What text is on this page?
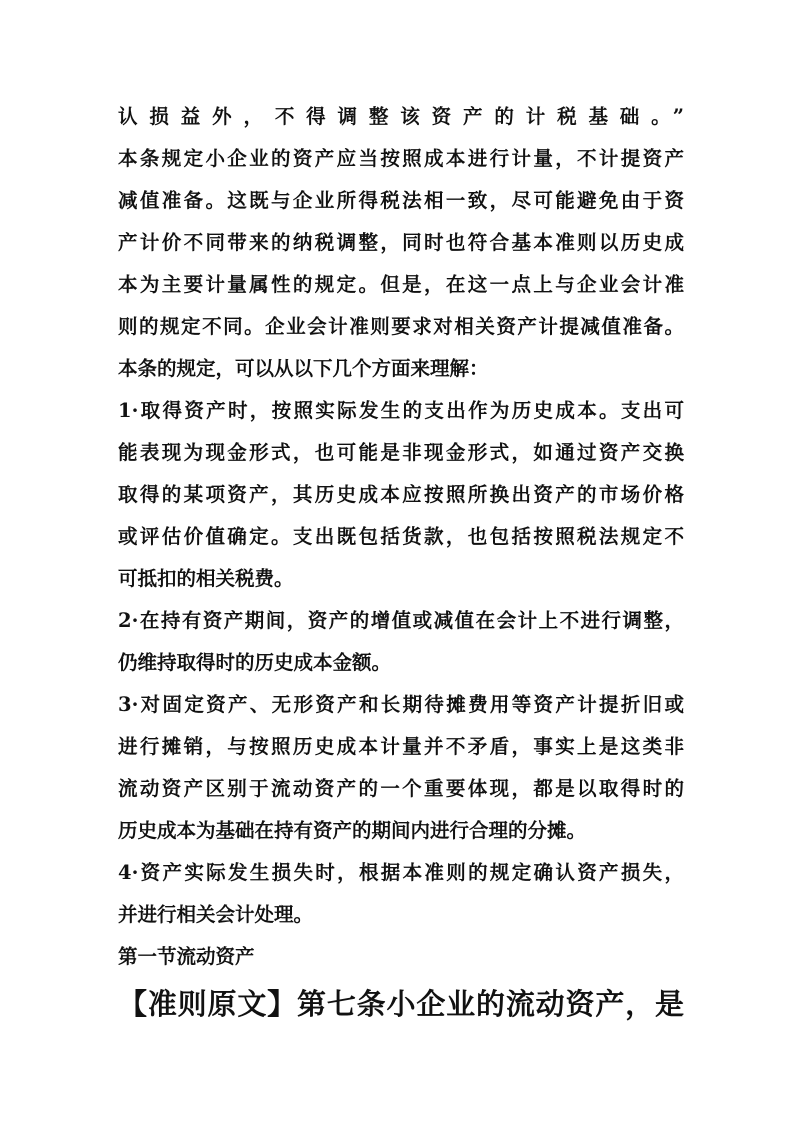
认损益外，不得调整该资产的计税基础。”
本条规定小企业的资产应当按照成本进行计量，不计提资产
减值准备。这既与企业所得税法相一致，尽可能避免由于资
产计价不同带来的纳税调整，同时也符合基本准则以历史成
本为主要计量属性的规定。但是，在这一点上与企业会计准
则的规定不同。企业会计准则要求对相关资产计提减值准备。
本条的规定，可以从以下几个方面来理解：
1·取得资产时，按照实际发生的支出作为历史成本。支出可
能表现为现金形式，也可能是非现金形式，如通过资产交换
取得的某项资产，其历史成本应按照所换出资产的市场价格
或评估价值确定。支出既包括货款，也包括按照税法规定不
可抵扣的相关税费。
2·在持有资产期间，资产的增值或减值在会计上不进行调整，
仍维持取得时的历史成本金额。
3·对固定资产、无形资产和长期待摊费用等资产计提折旧或
进行摊销，与按照历史成本计量并不矛盾，事实上是这类非
流动资产区别于流动资产的一个重要体现，都是以取得时的
历史成本为基础在持有资产的期间内进行合理的分摊。
4·资产实际发生损失时，根据本准则的规定确认资产损失，
并进行相关会计处理。
第一节流动资产
【准则原文】第七条小企业的流动资产，是
